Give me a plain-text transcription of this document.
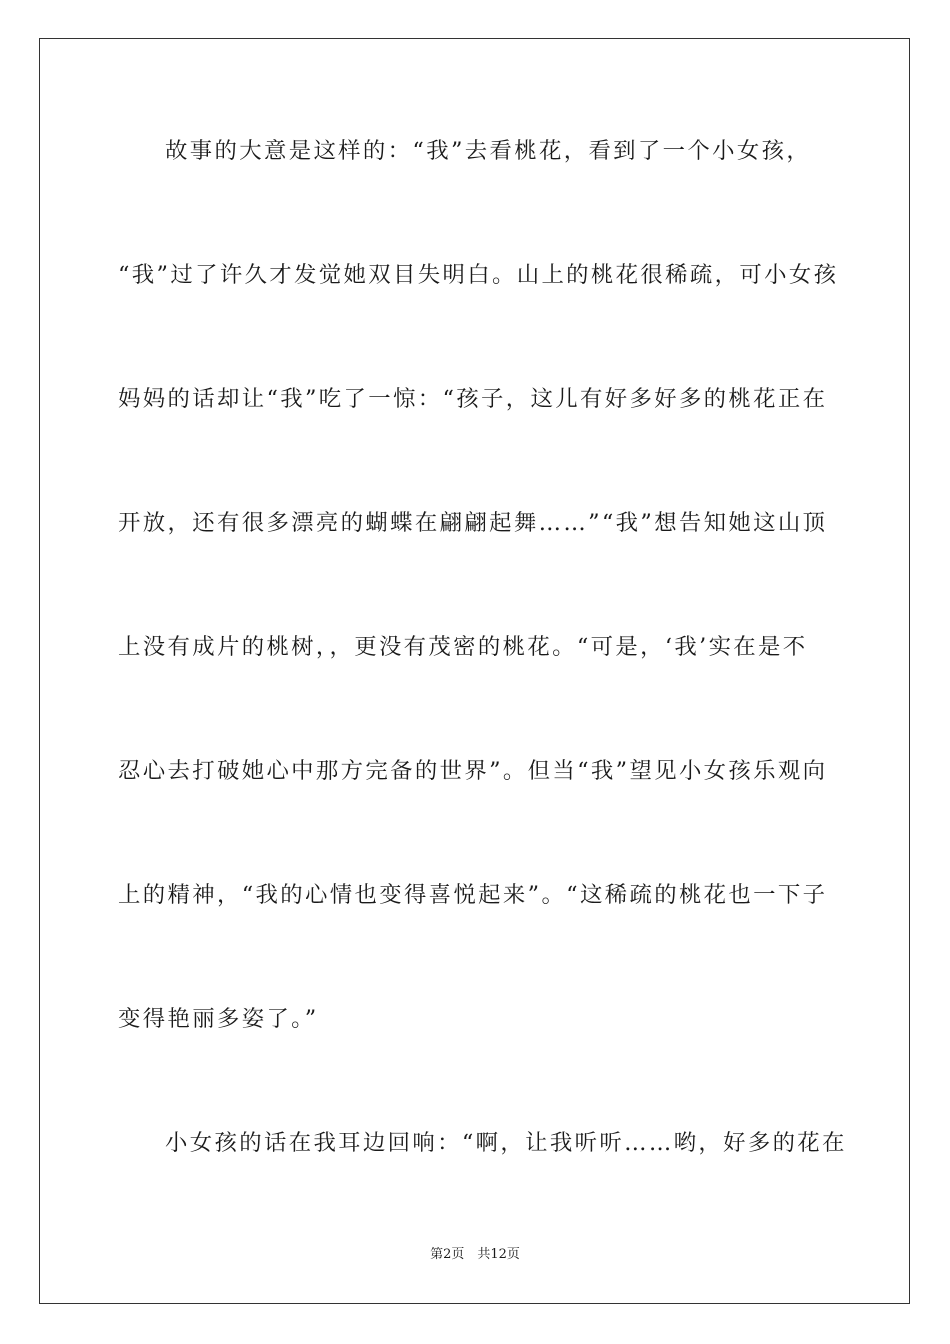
故事的大意是这样的：“我”去看桃花，看到了一个小女孩，
“我”过了许久才发觉她双目失明白。山上的桃花很稀疏，可小女孩
妈妈的话却让“我”吃了一惊：“孩子，这儿有好多好多的桃花正在
开放，还有很多漂亮的蝴蝶在翩翩起舞……”“我”想告知她这山顶
上没有成片的桃树，，更没有茂密的桃花。“可是，‘我’实在是不
忍心去打破她心中那方完备的世界”。但当“我”望见小女孩乐观向
上的精神，“我的心情也变得喜悦起来”。“这稀疏的桃花也一下子
变得艳丽多姿了。”
小女孩的话在我耳边回响：“啊，让我听听……哟，好多的花在
第2页　共12页
